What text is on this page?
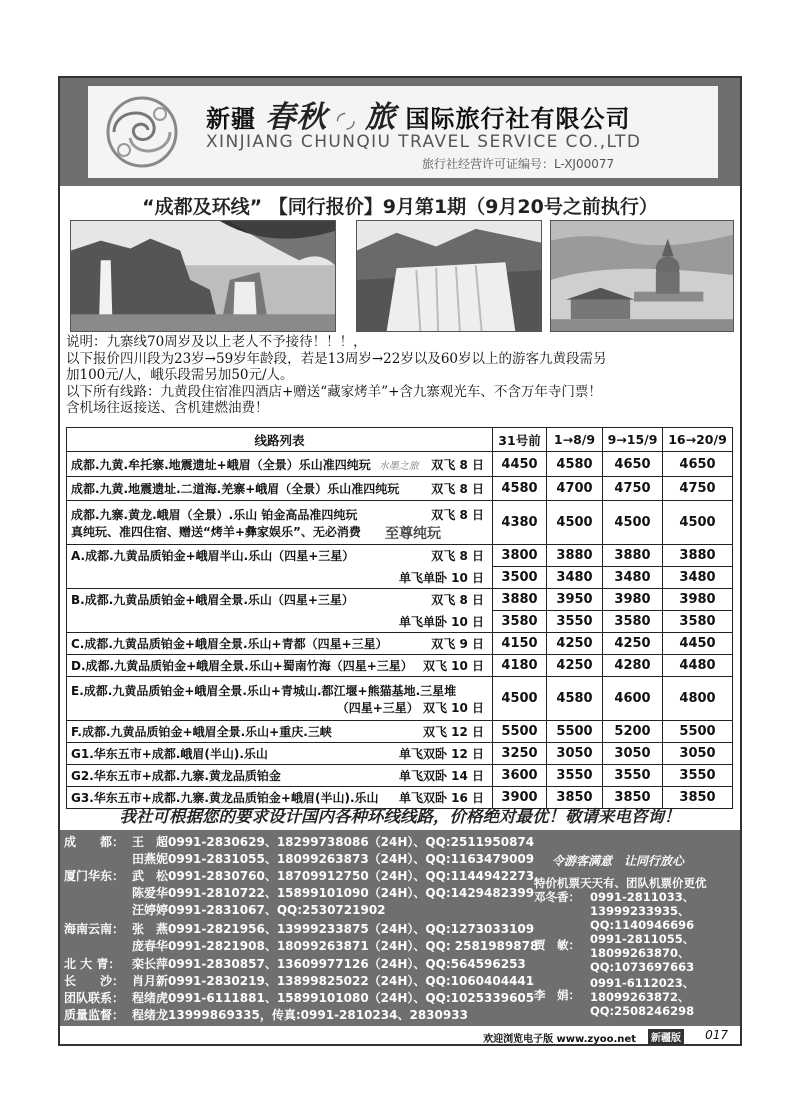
新疆 春秋 ◜◞ 旅 国际旅行社有限公司
XINJIANG CHUNQIU TRAVEL SERVICE CO.,LTD
旅行社经营许可证编号：L-XJ00077
“成都及环线” 【同行报价】9月第1期（9月20号之前执行）
说明：九寨线70周岁及以上老人不予接待！！！，
以下报价四川段为23岁→59岁年龄段，若是13周岁→22岁以及60岁以上的游客九黄段需另
加100元/人，峨乐段需另加50元/人。
以下所有线路：九黄段住宿准四酒店+赠送“藏家烤羊”+含九寨观光车、不含万年寺门票！
含机场往返接送、含机建燃油费！
线路列表	31号前	1→8/9	9→15/9	16→20/9
成都.九黄.牟托寨.地震遗址+峨眉（全景）乐山准四纯玩 水墨之旅 双飞 8 日	4450	4580	4650	4650
成都.九黄.地震遗址.二道海.羌寨+峨眉（全景）乐山准四纯玩 双飞 8 日	4580	4700	4750	4750

成都.九寨.黄龙.峨眉（全景）.乐山 铂金高品准四纯玩 双飞 8 日
真纯玩、准四住宿、赠送“烤羊+彝家娱乐”、无必消费 至尊纯玩	4380	4500	4500	4500
A.成都.九黄品质铂金+峨眉半山.乐山（四星+三星） 双飞 8 日	3800	3880	3880	3880
单飞单卧 10 日	3500	3480	3480	3480
B.成都.九黄品质铂金+峨眉全景.乐山（四星+三星） 双飞 8 日	3880	3950	3980	3980
单飞单卧 10 日	3580	3550	3580	3580
C.成都.九黄品质铂金+峨眉全景.乐山+青都（四星+三星） 双飞 9 日	4150	4250	4250	4450
D.成都.九黄品质铂金+峨眉全景.乐山+蜀南竹海（四星+三星） 双飞 10 日	4180	4250	4280	4480

E.成都.九黄品质铂金+峨眉全景.乐山+青城山.都江堰+熊猫基地.三星堆
（四星+三星） 双飞 10 日	4500	4580	4600	4800
F.成都.九黄品质铂金+峨眉全景.乐山+重庆.三峡 双飞 12 日	5500	5500	5200	5500
G1.华东五市+成都.峨眉(半山).乐山 单飞双卧 12 日	3250	3050	3050	3050
G2.华东五市+成都.九寨.黄龙品质铂金 单飞双卧 14 日	3600	3550	3550	3550
G3.华东五市+成都.九寨.黄龙品质铂金+峨眉(半山).乐山 单飞双卧 16 日	3900	3850	3850	3850
我社可根据您的要求设计国内各种环线线路，价格绝对最优！敬请来电咨询！
成　　都： 王　超0991-2830629、18299738086（24H）、QQ:2511950874
田燕妮0991-2831055、18099263873（24H）、QQ:1163479009
厦门华东： 武　松0991-2830760、18709912750（24H）、QQ:1144942273
陈爱华0991-2810722、15899101090（24H）、QQ:1429482399
汪婷婷0991-2831067、QQ:2530721902
海南云南： 张　燕0991-2821956、13999233875（24H）、QQ:1273033109
庞春华0991-2821908、18099263871（24H）、QQ: 2581989878
北 大 青： 栾长萍0991-2830857、13609977126（24H）、QQ:564596253
长　　沙： 肖月新0991-2830219、13899825022（24H）、QQ:1060404441
团队联系： 程绪虎0991-6111881、15899101080（24H）、QQ:1025339605
质量监督： 程绪龙13999869335，传真:0991-2810234、2830933
令游客满意　让同行放心
特价机票天天有、团队机票价更优
邓冬香： 0991-2811033、
13999233935、
QQ:1140946696
贾　敏： 0991-2811055、
18099263870、
QQ:1073697663
李　娟：
0991-6112023、
18099263872、
QQ:2508246298
欢迎浏览电子版 www.zyoo.net	新疆版 017
